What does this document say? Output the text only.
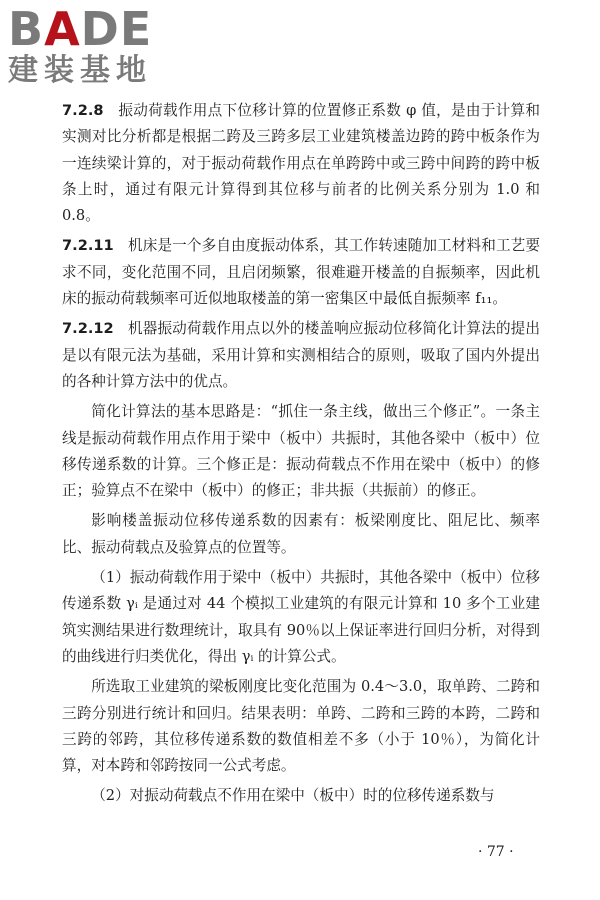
BADE
建装基地

7.2.8 振动荷载作用点下位移计算的位置修正系数 φ 值，是由于计算和实测对比分析都是根据二跨及三跨多层工业建筑楼盖边跨的跨中板条作为一连续梁计算的，对于振动荷载作用点在单跨跨中或三跨中间跨的跨中板条上时，通过有限元计算得到其位移与前者的比例关系分别为 1.0 和 0.8。

7.2.11 机床是一个多自由度振动体系，其工作转速随加工材料和工艺要求不同，变化范围不同，且启闭频繁，很难避开楼盖的自振频率，因此机床的振动荷载频率可近似地取楼盖的第一密集区中最低自振频率 f₁₁。

7.2.12 机器振动荷载作用点以外的楼盖响应振动位移简化计算法的提出是以有限元法为基础，采用计算和实测相结合的原则，吸取了国内外提出的各种计算方法中的优点。

简化计算法的基本思路是：“抓住一条主线，做出三个修正”。一条主线是振动荷载作用点作用于梁中（板中）共振时，其他各梁中（板中）位移传递系数的计算。三个修正是：振动荷载点不作用在梁中（板中）的修正；验算点不在梁中（板中）的修正；非共振（共振前）的修正。

影响楼盖振动位移传递系数的因素有：板梁刚度比、阻尼比、频率比、振动荷载点及验算点的位置等。

（1）振动荷载作用于梁中（板中）共振时，其他各梁中（板中）位移传递系数 γᵢ 是通过对 44 个模拟工业建筑的有限元计算和 10 多个工业建筑实测结果进行数理统计，取具有 90％以上保证率进行回归分析，对得到的曲线进行归类优化，得出 γᵢ 的计算公式。

所选取工业建筑的梁板刚度比变化范围为 0.4～3.0，取单跨、二跨和三跨分别进行统计和回归。结果表明：单跨、二跨和三跨的本跨，二跨和三跨的邻跨，其位移传递系数的数值相差不多（小于 10％），为简化计算，对本跨和邻跨按同一公式考虑。

（2）对振动荷载点不作用在梁中（板中）时的位移传递系数与

· 77 ·
